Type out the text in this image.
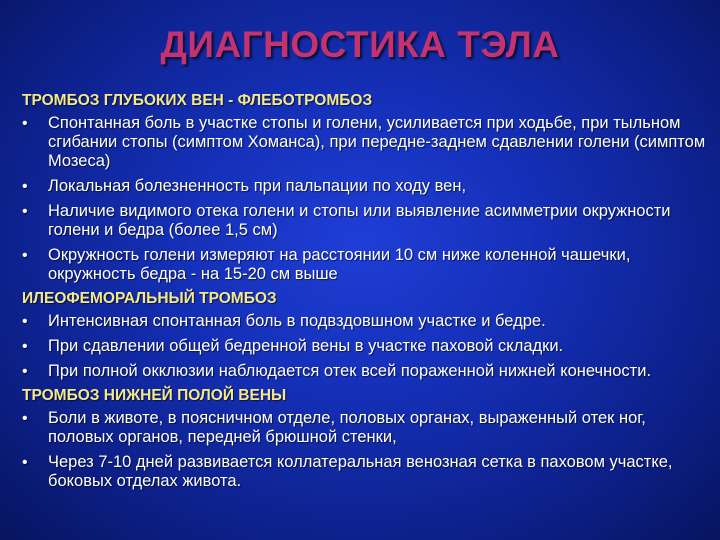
ДИАГНОСТИКА ТЭЛА
ТРОМБОЗ ГЛУБОКИХ ВЕН - ФЛЕБОТРОМБОЗ
•	Спонтанная боль в участке стопы и голени, усиливается при ходьбе, при тыльном сгибании стопы (симптом Хоманса), при передне-заднем сдавлении голени (симптом Мозеса)
•	Локальная болезненность при пальпации по ходу вен,
•	Наличие видимого отека голени и стопы или выявление асимметрии окружности голени и бедра (более 1,5 см)
•	Окружность голени измеряют на расстоянии 10 см ниже коленной чашечки, окружность бедра - на 15-20 см выше
ИЛЕОФЕМОРАЛЬНЫЙ ТРОМБОЗ
•	Интенсивная спонтанная боль в подвздовшном участке и бедре.
•	При сдавлении общей бедренной вены в участке паховой складки.
•	При полной окклюзии наблюдается отек всей пораженной нижней конечности.
ТРОМБОЗ НИЖНЕЙ ПОЛОЙ ВЕНЫ
•	Боли в животе, в поясничном отделе, половых органах, выраженный отек ног, половых органов, передней брюшной стенки,
•	Через 7-10 дней развивается коллатеральная венозная сетка в паховом участке, боковых отделах живота.
